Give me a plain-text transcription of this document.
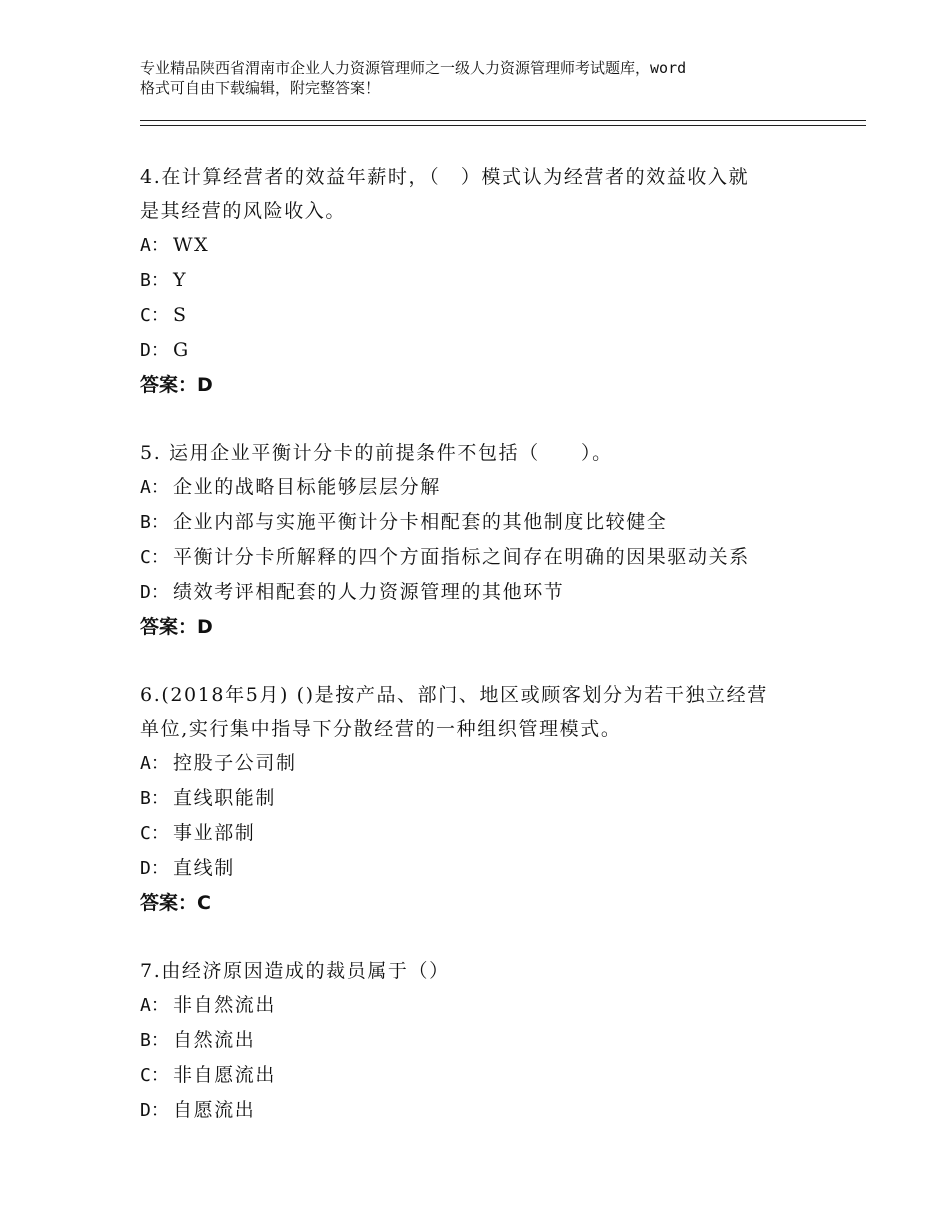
专业精品陕西省渭南市企业人力资源管理师之一级人力资源管理师考试题库，word
格式可自由下载编辑，附完整答案！
4.在计算经营者的效益年薪时，（　）模式认为经营者的效益收入就
是其经营的风险收入。
A： WX
B： Y
C： S
D： G
答案：D
5. 运用企业平衡计分卡的前提条件不包括（　　）。
A： 企业的战略目标能够层层分解
B： 企业内部与实施平衡计分卡相配套的其他制度比较健全
C： 平衡计分卡所解释的四个方面指标之间存在明确的因果驱动关系
D： 绩效考评相配套的人力资源管理的其他环节
答案：D
6.(2018年5月) ()是按产品、部门、地区或顾客划分为若干独立经营
单位,实行集中指导下分散经营的一种组织管理模式。
A： 控股子公司制
B： 直线职能制
C： 事业部制
D： 直线制
答案：C
7.由经济原因造成的裁员属于（）
A： 非自然流出
B： 自然流出
C： 非自愿流出
D： 自愿流出
